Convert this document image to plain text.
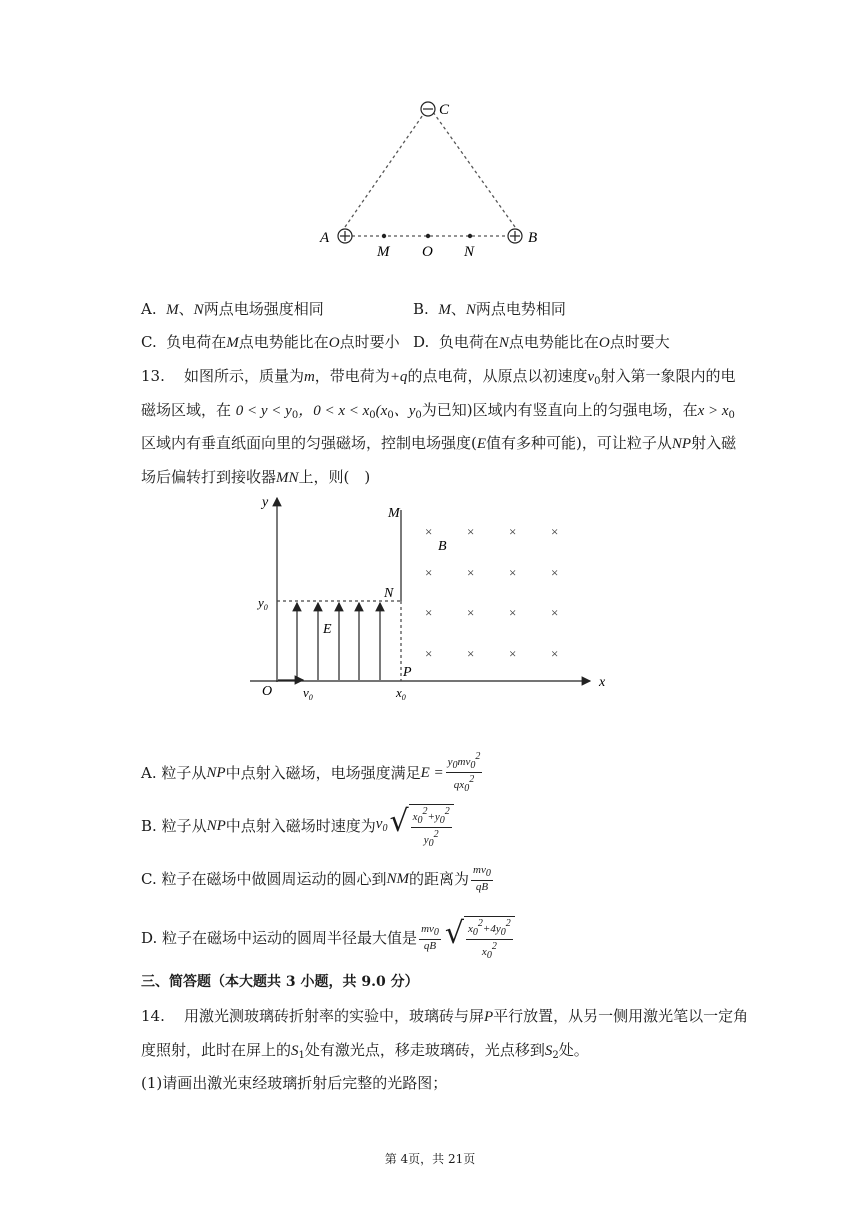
C
A	B
M O N
A. M、N两点电场强度相同	B. M、N两点电势相同
C. 负电荷在M点电势能比在O点时要小 D. 负电荷在N点电势能比在O点时要大
13. 如图所示，质量为m，带电荷为+q的点电荷，从原点以初速度$v_0$射入第一象限内的电
磁场区域，在 $0 < y < y_0$，$0 < x < x_0(x_0$、$y_0$为已知)区域内有竖直向上的匀强电场，在$x > x_0$
区域内有垂直纸面向里的匀强磁场，控制电场强度(E值有多种可能)，可让粒子从NP射入磁
场后偏转打到接收器MN上，则(　)
y
x
O
M
N
P
B
E
$y_0$
$x_0$
$v_0$
×	×	×	×
×	×	×	×
×	×	×	×
×	×	×	×
A.
粒子从 NP 中点射入磁场，电场强度满足 $E = \frac{y0mv02}{qx02}$
B.
粒子从 NP 中点射入磁场时速度为 $v_0$ √ $\frac{x02+y02}{y02}$
C.
粒子在磁场中做圆周运动的圆心到 NM 的距离为 $\frac{mv0}{qB}$
D.
粒子在磁场中运动的圆周半径最大值是 $\frac{mv0}{qB}$ √ $\frac{x02+4y02}{x02}$
三、简答题（本大题共 3 小题，共 9.0 分）
14. 用激光测玻璃砖折射率的实验中，玻璃砖与屏P平行放置，从另一侧用激光笔以一定角
度照射，此时在屏上的$S_1$处有激光点，移走玻璃砖，光点移到$S_2$处。
(1)请画出激光束经玻璃折射后完整的光路图；
第 4页，共 21页
